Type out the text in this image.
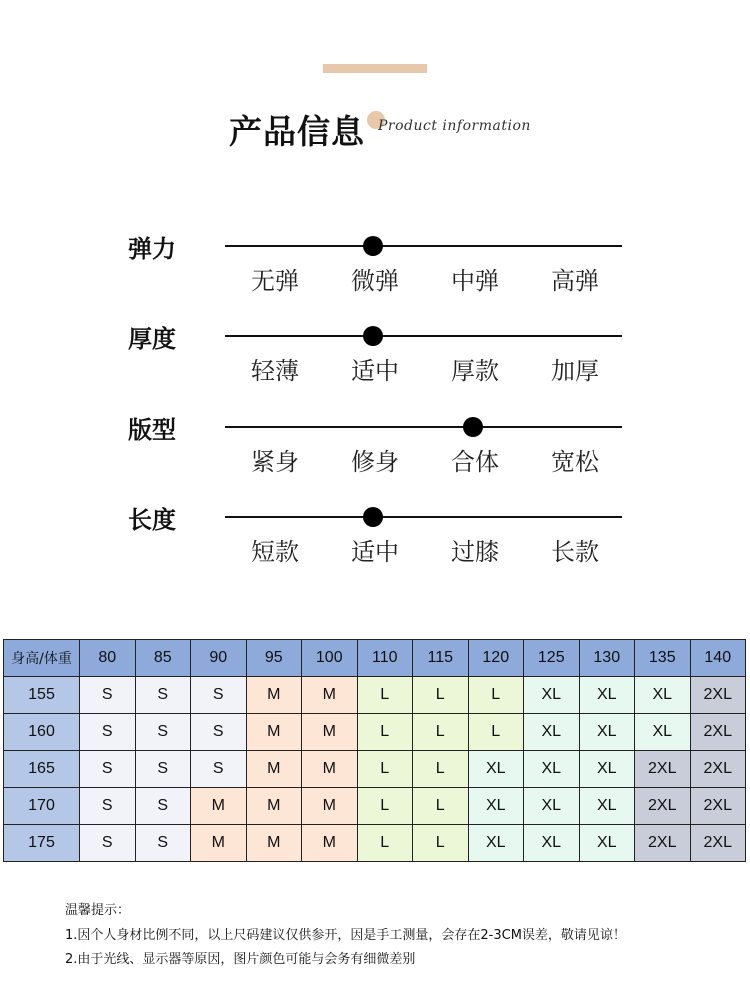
产品信息 Product information
弹力
无弹	微弹	中弹	高弹
厚度
轻薄	适中	厚款	加厚
版型
紧身	修身	合体	宽松
长度
短款	适中	过膝	长款
身高/体重	80	85	90	95	100	110	115	120	125	130	135	140
155	S	S	S	M	M	L	L	L	XL	XL	XL	2XL
160	S	S	S	M	M	L	L	L	XL	XL	XL	2XL
165	S	S	S	M	M	L	L	XL	XL	XL	2XL	2XL
170	S	S	M	M	M	L	L	XL	XL	XL	2XL	2XL
175	S	S	M	M	M	L	L	XL	XL	XL	2XL	2XL
温馨提示：
1.因个人身材比例不同，以上尺码建议仅供参开，因是手工测量，会存在2-3CM误差，敬请见谅！
2.由于光线、显示器等原因，图片颜色可能与会务有细微差别
